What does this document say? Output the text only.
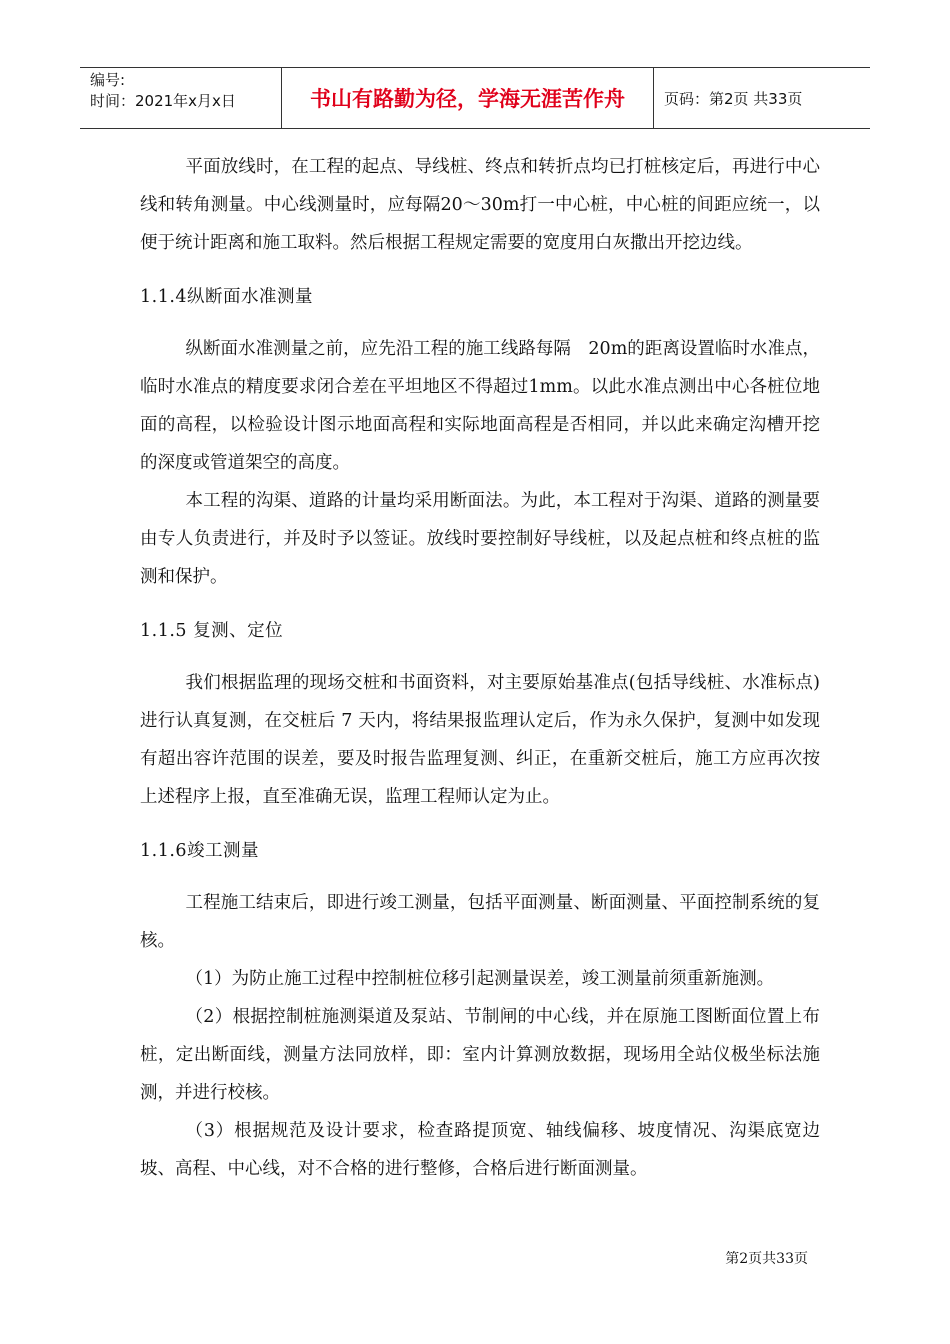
编号:
时间：2021年x月x日	书山有路勤为径，学海无涯苦作舟	页码：第2页 共33页

平面放线时，在工程的起点、导线桩、终点和转折点均已打桩核定后，再进行中心线和转角测量。中心线测量时，应每隔20～30m打一中心桩，中心桩的间距应统一，以便于统计距离和施工取料。然后根据工程规定需要的宽度用白灰撒出开挖边线。

1.1.4纵断面水准测量

纵断面水准测量之前，应先沿工程的施工线路每隔　20m的距离设置临时水准点，临时水准点的精度要求闭合差在平坦地区不得超过1mm。以此水准点测出中心各桩位地面的高程，以检验设计图示地面高程和实际地面高程是否相同，并以此来确定沟槽开挖的深度或管道架空的高度。

本工程的沟渠、道路的计量均采用断面法。为此，本工程对于沟渠、道路的测量要由专人负责进行，并及时予以签证。放线时要控制好导线桩，以及起点桩和终点桩的监测和保护。

1.1.5 复测、定位

我们根据监理的现场交桩和书面资料，对主要原始基准点(包括导线桩、水准标点)进行认真复测，在交桩后 7 天内，将结果报监理认定后，作为永久保护，复测中如发现有超出容许范围的误差，要及时报告监理复测、纠正，在重新交桩后，施工方应再次按上述程序上报，直至准确无误，监理工程师认定为止。

1.1.6竣工测量

工程施工结束后，即进行竣工测量，包括平面测量、断面测量、平面控制系统的复核。

（1）为防止施工过程中控制桩位移引起测量误差，竣工测量前须重新施测。

（2）根据控制桩施测渠道及泵站、节制闸的中心线，并在原施工图断面位置上布桩，定出断面线，测量方法同放样，即：室内计算测放数据，现场用全站仪极坐标法施测，并进行校核。

（3）根据规范及设计要求，检查路提顶宽、轴线偏移、坡度情况、沟渠底宽边坡、高程、中心线，对不合格的进行整修，合格后进行断面测量。

第2页共33页
